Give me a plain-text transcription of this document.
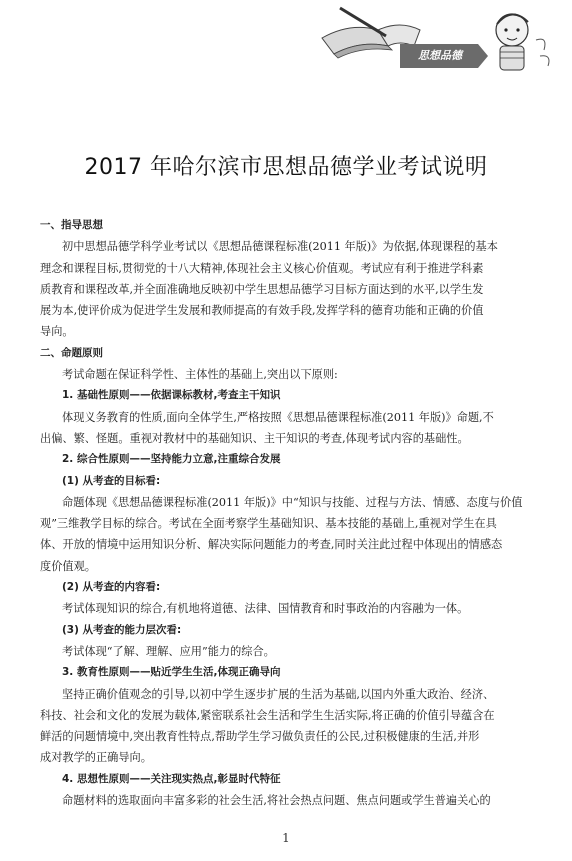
思想品德
2017 年哈尔滨市思想品德学业考试说明
一、指导思想
初中思想品德学科学业考试以《思想品德课程标准(2011 年版)》为依据,体现课程的基本
理念和课程目标,贯彻党的十八大精神,体现社会主义核心价值观。考试应有利于推进学科素
质教育和课程改革,并全面准确地反映初中学生思想品德学习目标方面达到的水平,以学生发
展为本,使评价成为促进学生发展和教师提高的有效手段,发挥学科的德育功能和正确的价值
导向。
二、命题原则
考试命题在保证科学性、主体性的基础上,突出以下原则:
1. 基础性原则——依据课标教材,考查主干知识
体现义务教育的性质,面向全体学生,严格按照《思想品德课程标准(2011 年版)》命题,不
出偏、繁、怪题。重视对教材中的基础知识、主干知识的考查,体现考试内容的基础性。
2. 综合性原则——坚持能力立意,注重综合发展
(1) 从考查的目标看:
命题体现《思想品德课程标准(2011 年版)》中“知识与技能、过程与方法、情感、态度与价值
观”三维教学目标的综合。考试在全面考察学生基础知识、基本技能的基础上,重视对学生在具
体、开放的情境中运用知识分析、解决实际问题能力的考查,同时关注此过程中体现出的情感态
度价值观。
(2) 从考查的内容看:
考试体现知识的综合,有机地将道德、法律、国情教育和时事政治的内容融为一体。
(3) 从考查的能力层次看:
考试体现“了解、理解、应用”能力的综合。
3. 教育性原则——贴近学生生活,体现正确导向
坚持正确价值观念的引导,以初中学生逐步扩展的生活为基础,以国内外重大政治、经济、
科技、社会和文化的发展为载体,紧密联系社会生活和学生生活实际,将正确的价值引导蕴含在
鲜活的问题情境中,突出教育性特点,帮助学生学习做负责任的公民,过积极健康的生活,并形
成对教学的正确导向。
4. 思想性原则——关注现实热点,彰显时代特征
命题材料的选取面向丰富多彩的社会生活,将社会热点问题、焦点问题或学生普遍关心的
1
